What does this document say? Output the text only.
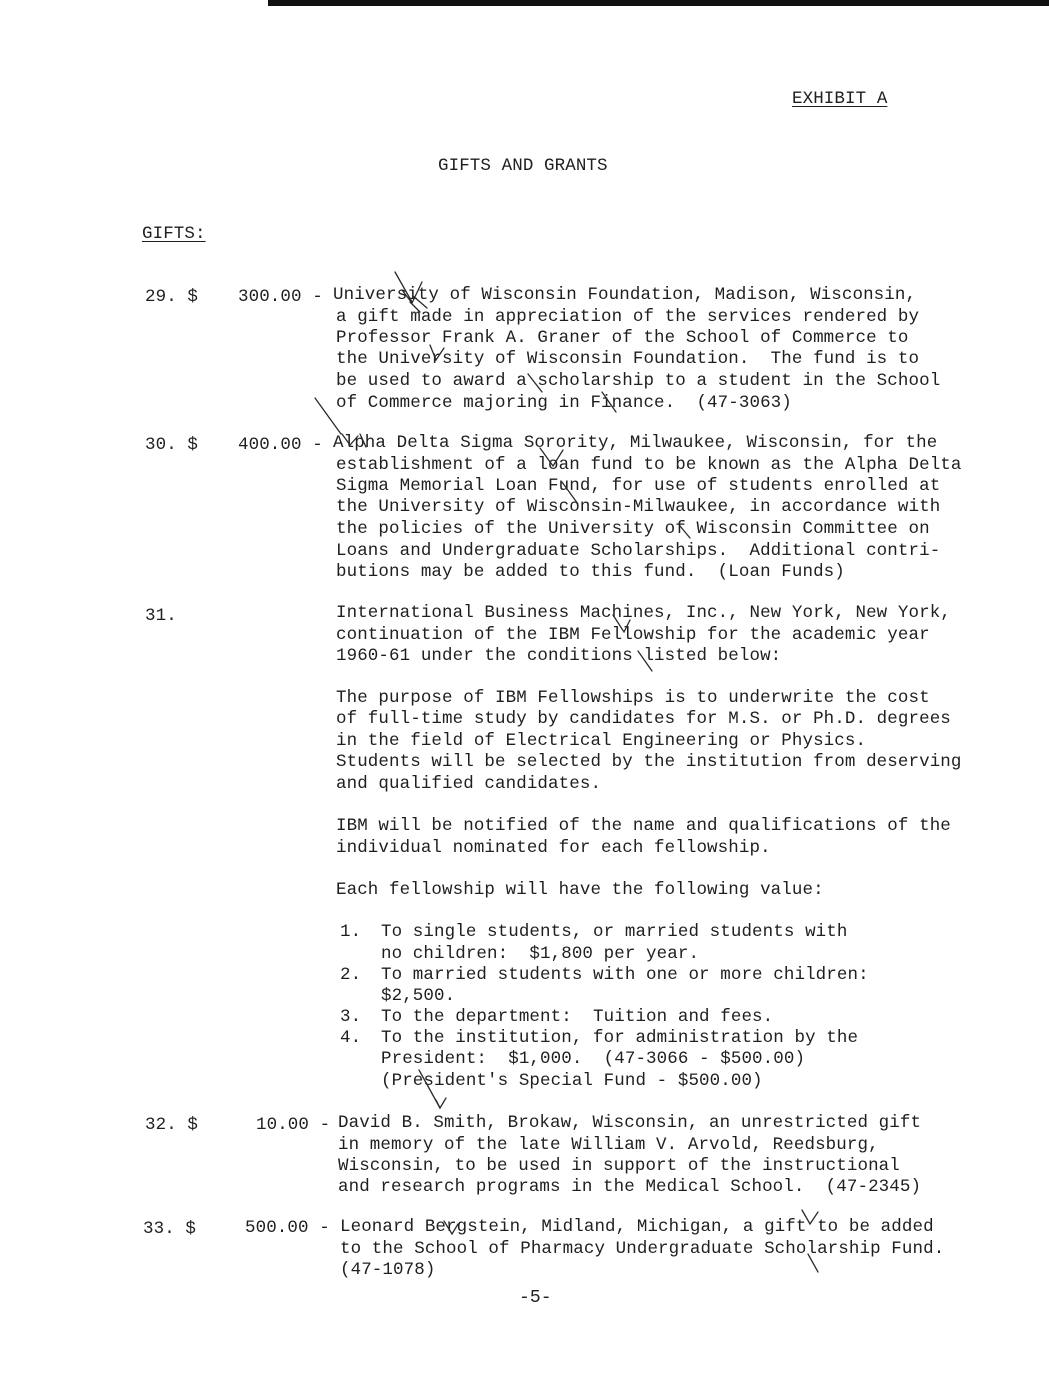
EXHIBIT A
GIFTS AND GRANTS
GIFTS:
29. $ 300.00 - University of Wisconsin Foundation, Madison, Wisconsin,
a gift made in appreciation of the services rendered by
Professor Frank A. Graner of the School of Commerce to
the University of Wisconsin Foundation.  The fund is to
be used to award a scholarship to a student in the School
of Commerce majoring in Finance.  (47-3063)
30. $ 400.00 - Alpha Delta Sigma Sorority, Milwaukee, Wisconsin, for the
establishment of a loan fund to be known as the Alpha Delta
Sigma Memorial Loan Fund, for use of students enrolled at
the University of Wisconsin-Milwaukee, in accordance with
the policies of the University of Wisconsin Committee on
Loans and Undergraduate Scholarships.  Additional contri-
butions may be added to this fund.  (Loan Funds)
31.	International Business Machines, Inc., New York, New York,
continuation of the IBM Fellowship for the academic year
1960-61 under the conditions listed below:
The purpose of IBM Fellowships is to underwrite the cost
of full-time study by candidates for M.S. or Ph.D. degrees
in the field of Electrical Engineering or Physics.
Students will be selected by the institution from deserving
and qualified candidates.
IBM will be notified of the name and qualifications of the
individual nominated for each fellowship.
Each fellowship will have the following value:
1. To single students, or married students with
no children:  $1,800 per year.
2. To married students with one or more children:
$2,500.
3. To the department:  Tuition and fees.
4. To the institution, for administration by the
President:  $1,000.  (47-3066 - $500.00)
(President's Special Fund - $500.00)
32. $	10.00 - David B. Smith, Brokaw, Wisconsin, an unrestricted gift
in memory of the late William V. Arvold, Reedsburg,
Wisconsin, to be used in support of the instructional
and research programs in the Medical School.  (47-2345)
33. $	500.00 - Leonard Bergstein, Midland, Michigan, a gift to be added
to the School of Pharmacy Undergraduate Scholarship Fund.
(47-1078)
-5-
